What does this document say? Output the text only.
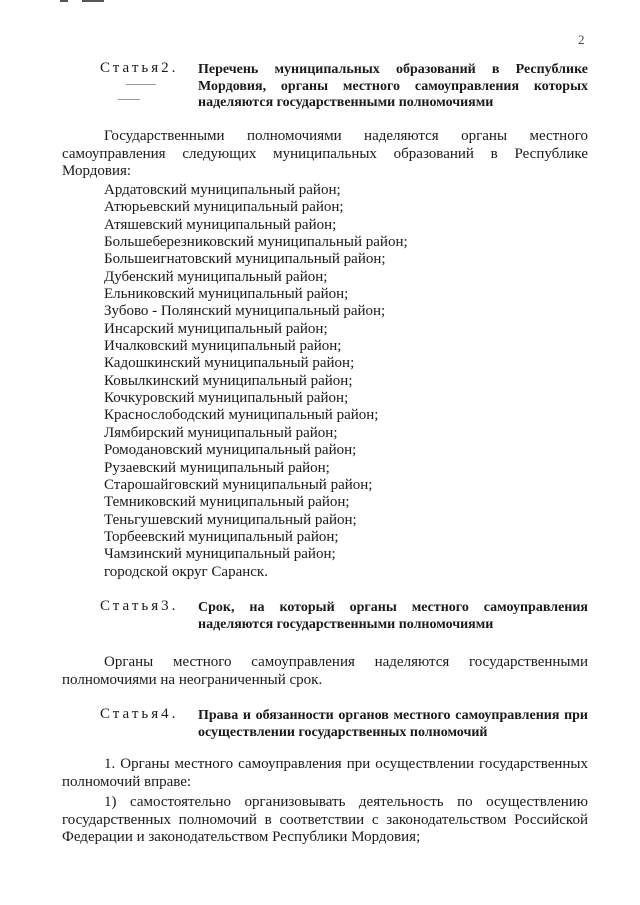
2
Статья2. Перечень муниципальных образований в Республике Мордовия, органы местного самоуправления которых наделяются государственными полномочиями
Государственными полномочиями наделяются органы местного самоуправления следующих муниципальных образований в Республике Мордовия:
Ардатовский муниципальный район;
Атюрьевский муниципальный район;
Атяшевский муниципальный район;
Большеберезниковский муниципальный район;
Большеигнатовский муниципальный район;
Дубенский муниципальный район;
Ельниковский муниципальный район;
Зубово - Полянский муниципальный район;
Инсарский муниципальный район;
Ичалковский муниципальный район;
Кадошкинский муниципальный район;
Ковылкинский муниципальный район;
Кочкуровский муниципальный район;
Краснослободский муниципальный район;
Лямбирский муниципальный район;
Ромодановский муниципальный район;
Рузаевский муниципальный район;
Старошайговский муниципальный район;
Темниковский муниципальный район;
Теньгушевский муниципальный район;
Торбеевский муниципальный район;
Чамзинский муниципальный район;
городской округ Саранск.
Статья3. Срок, на который органы местного самоуправления наделяются государственными полномочиями
Органы местного самоуправления наделяются государственными полномочиями на неограниченный срок.
Статья4. Права и обязанности органов местного самоуправления при осуществлении государственных полномочий
1. Органы местного самоуправления при осуществлении государственных полномочий вправе:
1) самостоятельно организовывать деятельность по осуществлению государственных полномочий в соответствии с законодательством Российской Федерации и законодательством Республики Мордовия;
